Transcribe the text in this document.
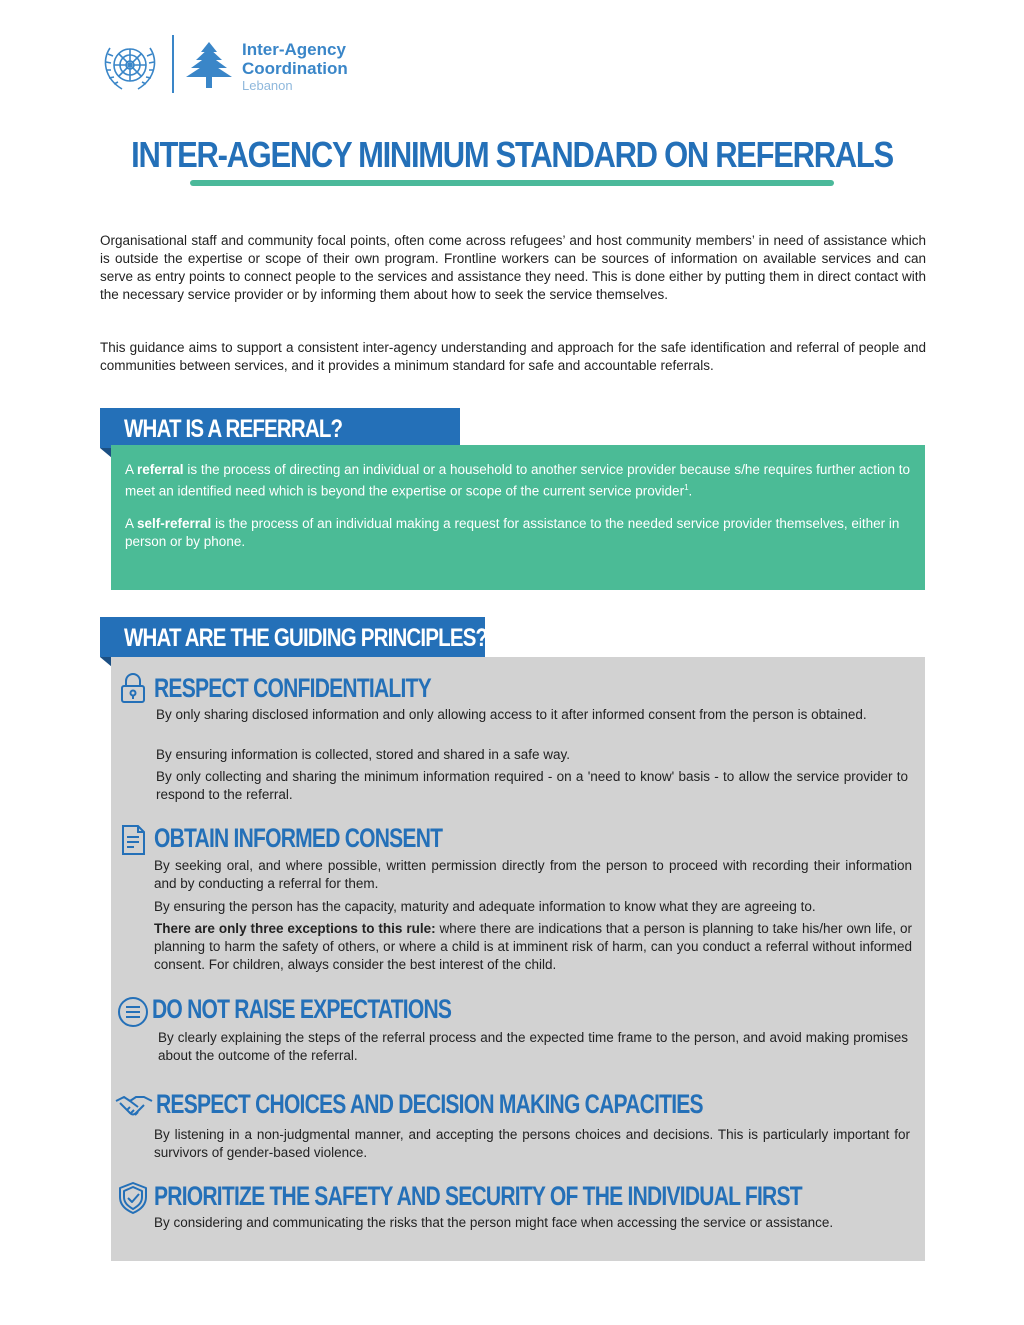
Inter-Agency
Coordination
Lebanon
INTER-AGENCY MINIMUM STANDARD ON REFERRALS

Organisational staff and community focal points, often come across refugees’ and host community members’ in need of assistance which is outside the expertise or scope of their own program. Frontline workers can be sources of information on available services and can serve as entry points to connect people to the services and assistance they need. This is done either by putting them in direct contact with the necessary service provider or by informing them about how to seek the service themselves.

This guidance aims to support a consistent inter-agency understanding and approach for the safe identification and referral of people and communities between services, and it provides a minimum standard for safe and accountable referrals.

WHAT IS A REFERRAL?

A referral is the process of directing an individual or a household to another service provider because s/he requires further action to meet an identified need which is beyond the expertise or scope of the current service provider$^1$.

A self-referral is the process of an individual making a request for assistance to the needed service provider themselves, either in person or by phone.

WHAT ARE THE GUIDING PRINCIPLES?
RESPECT CONFIDENTIALITY
By only sharing disclosed information and only allowing access to it after informed consent from the person is obtained.
By ensuring information is collected, stored and shared in a safe way.
By only collecting and sharing the minimum information required - on a 'need to know' basis - to allow the service provider to respond to the referral.
OBTAIN INFORMED CONSENT
By seeking oral, and where possible, written permission directly from the person to proceed with recording their information and by conducting a referral for them.
By ensuring the person has the capacity, maturity and adequate information to know what they are agreeing to.
There are only three exceptions to this rule: where there are indications that a person is planning to take his/her own life, or planning to harm the safety of others, or where a child is at imminent risk of harm, can you conduct a referral without informed consent. For children, always consider the best interest of the child.
DO NOT RAISE EXPECTATIONS
By clearly explaining the steps of the referral process and the expected time frame to the person, and avoid making promises about the outcome of the referral.
RESPECT CHOICES AND DECISION MAKING CAPACITIES
By listening in a non-judgmental manner, and accepting the persons choices and decisions. This is particularly important for survivors of gender-based violence.
PRIORITIZE THE SAFETY AND SECURITY OF THE INDIVIDUAL FIRST
By considering and communicating the risks that the person might face when accessing the service or assistance.
